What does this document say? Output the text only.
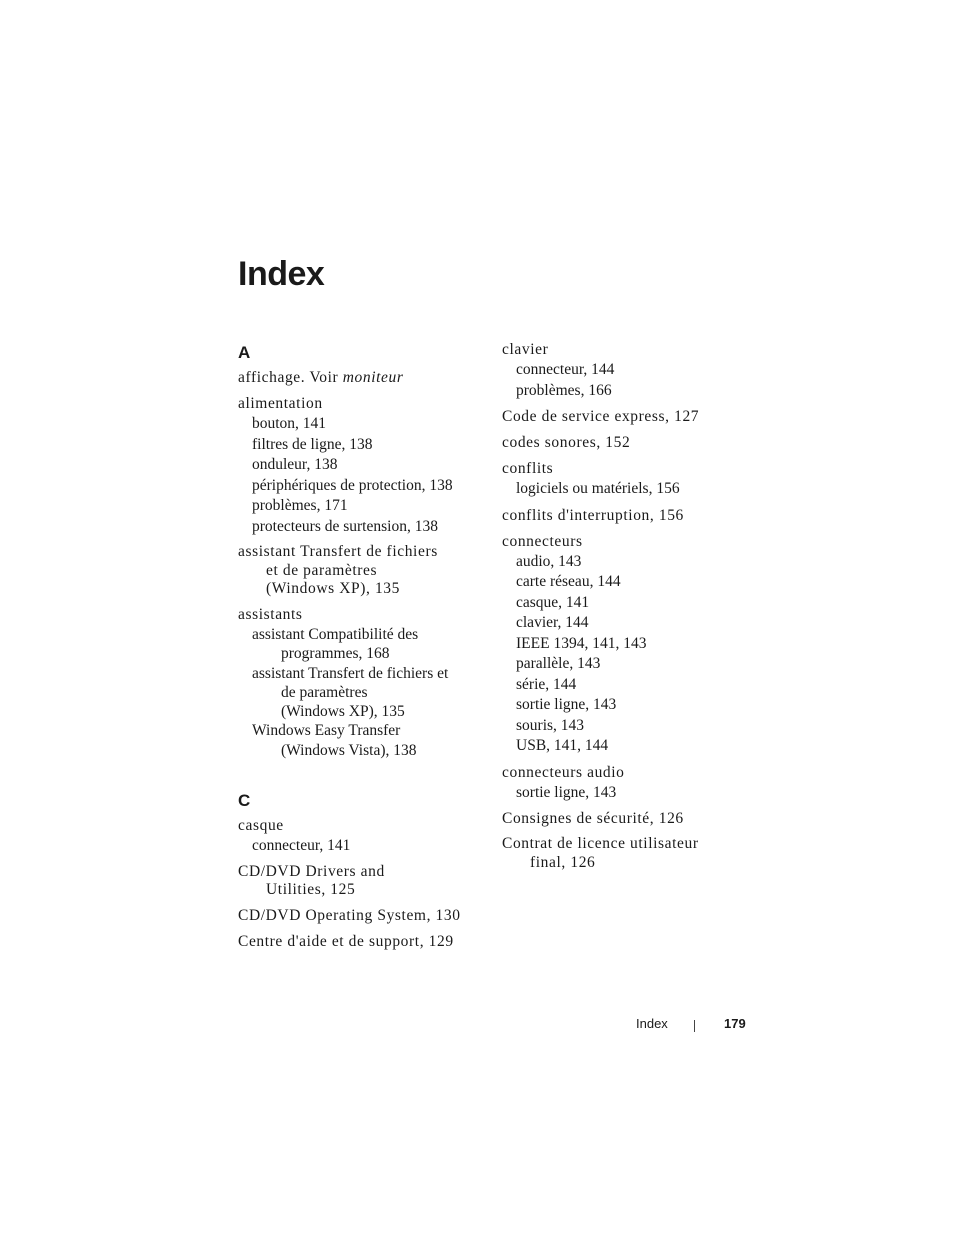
Index
A
affichage. Voir moniteur
alimentation
bouton, 141
filtres de ligne, 138
onduleur, 138
périphériques de protection, 138
problèmes, 171
protecteurs de surtension, 138
assistant Transfert de fichiers
et de paramètres
(Windows XP), 135
assistants
assistant Compatibilité des
programmes, 168
assistant Transfert de fichiers et
de paramètres
(Windows XP), 135
Windows Easy Transfer
(Windows Vista), 138
C
casque
connecteur, 141
CD/DVD Drivers and
Utilities, 125
CD/DVD Operating System, 130
Centre d'aide et de support, 129
clavier
connecteur, 144
problèmes, 166
Code de service express, 127
codes sonores, 152
conflits
logiciels ou matériels, 156
conflits d'interruption, 156
connecteurs
audio, 143
carte réseau, 144
casque, 141
clavier, 144
IEEE 1394, 141, 143
parallèle, 143
série, 144
sortie ligne, 143
souris, 143
USB, 141, 144
connecteurs audio
sortie ligne, 143
Consignes de sécurité, 126
Contrat de licence utilisateur
final, 126
Index	179
